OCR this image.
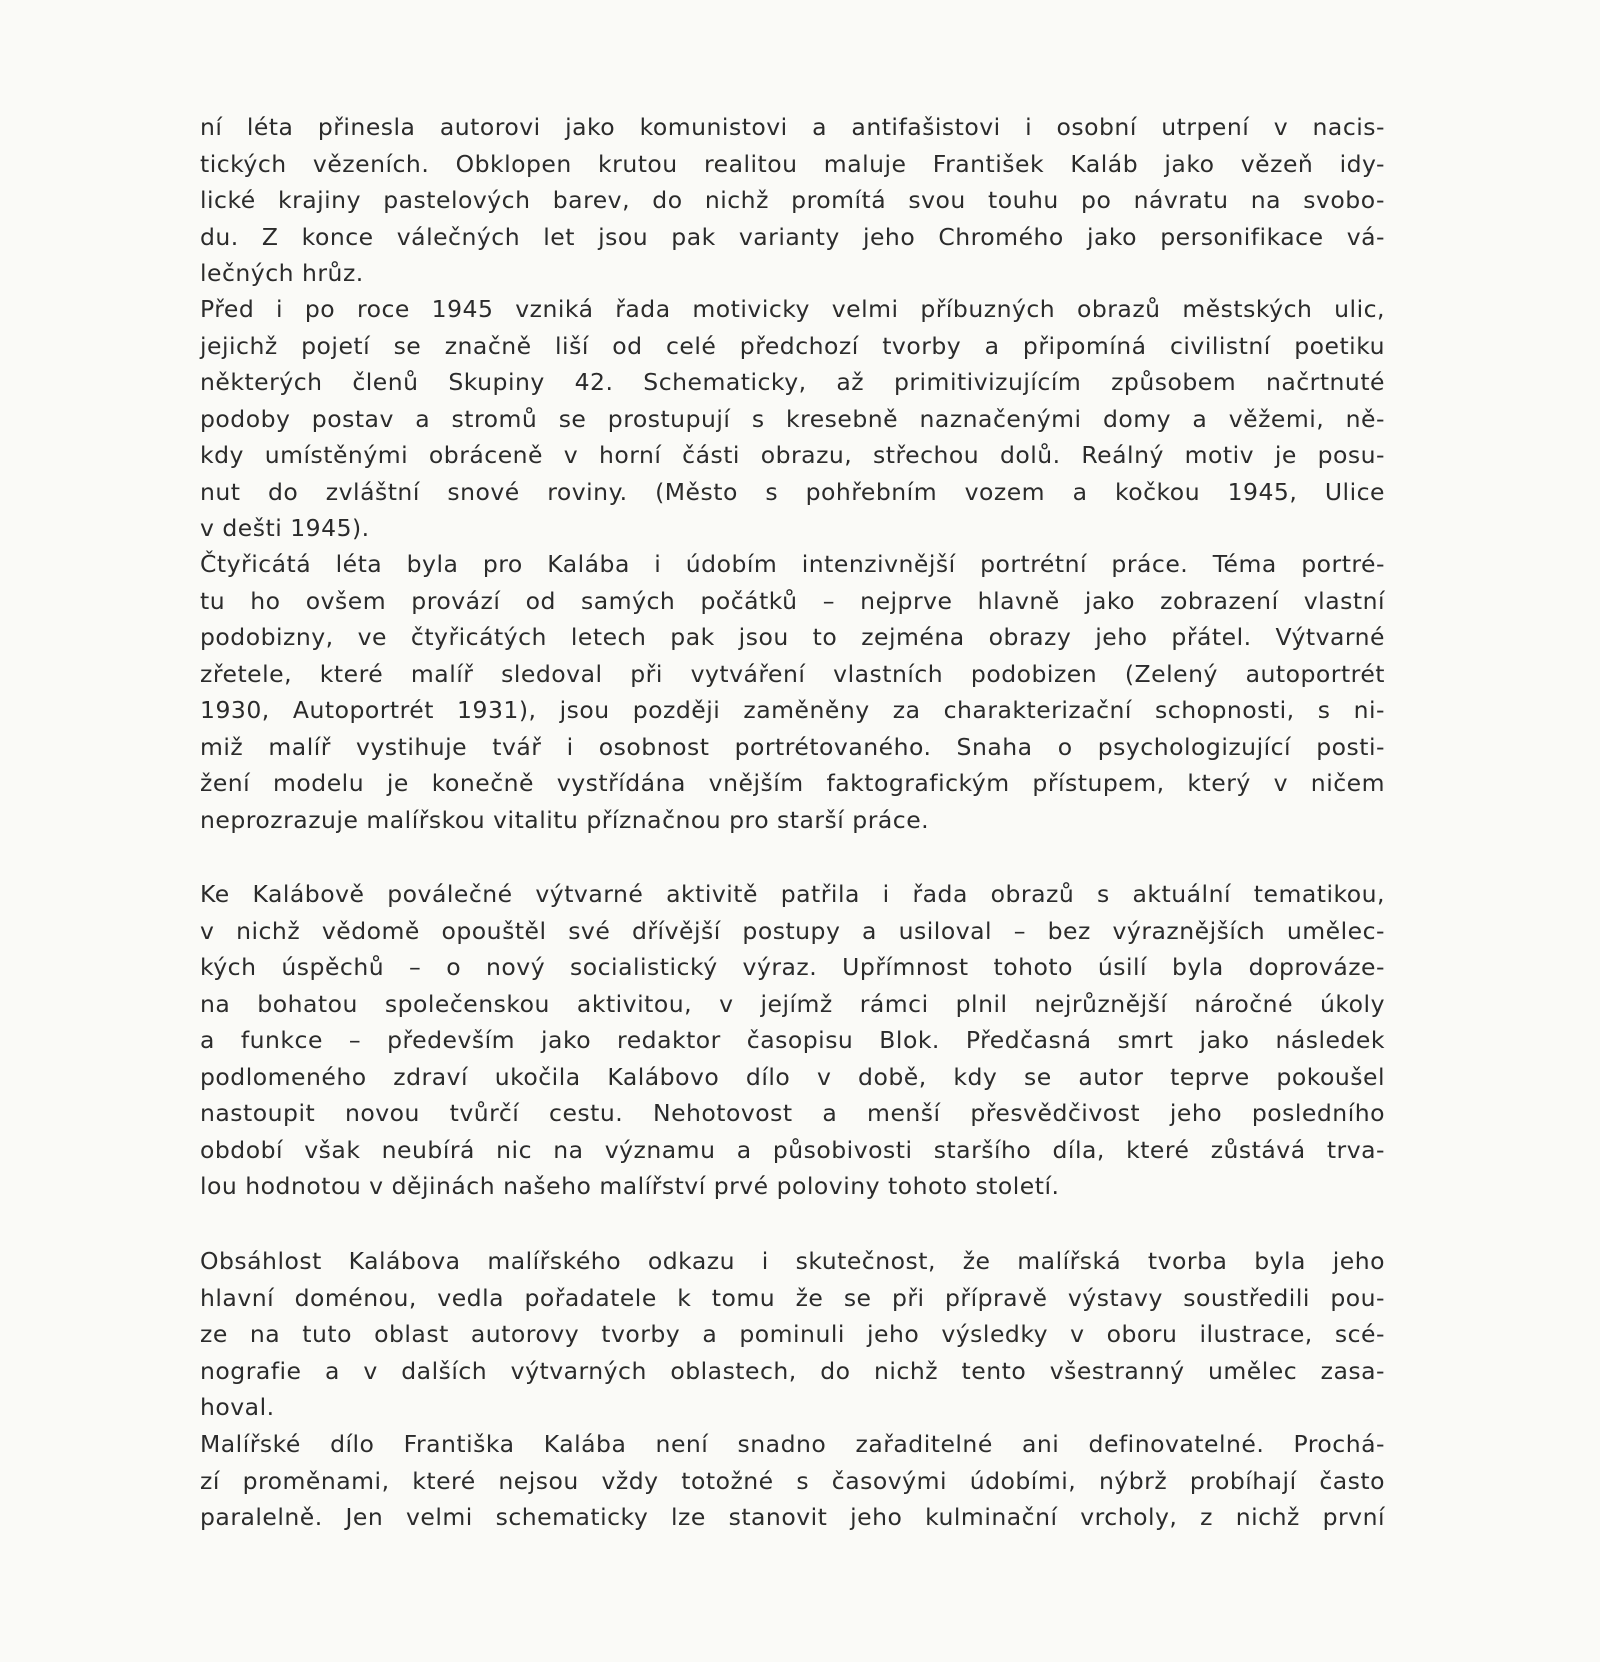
ní léta přinesla autorovi jako komunistovi a antifašistovi i osobní utrpení v nacis-
tických vězeních. Obklopen krutou realitou maluje František Kaláb jako vězeň idy-
lické krajiny pastelových barev, do nichž promítá svou touhu po návratu na svobo-
du. Z konce válečných let jsou pak varianty jeho Chromého jako personifikace vá-
lečných hrůz.
Před i po roce 1945 vzniká řada motivicky velmi příbuzných obrazů městských ulic,
jejichž pojetí se značně liší od celé předchozí tvorby a připomíná civilistní poetiku
některých členů Skupiny 42. Schematicky, až primitivizujícím způsobem načrtnuté
podoby postav a stromů se prostupují s kresebně naznačenými domy a věžemi, ně-
kdy umístěnými obráceně v horní části obrazu, střechou dolů. Reálný motiv je posu-
nut do zvláštní snové roviny. (Město s pohřebním vozem a kočkou 1945, Ulice
v dešti 1945).
Čtyřicátá léta byla pro Kalába i údobím intenzivnější portrétní práce. Téma portré-
tu ho ovšem provází od samých počátků – nejprve hlavně jako zobrazení vlastní
podobizny, ve čtyřicátých letech pak jsou to zejména obrazy jeho přátel. Výtvarné
zřetele, které malíř sledoval při vytváření vlastních podobizen (Zelený autoportrét
1930, Autoportrét 1931), jsou později zaměněny za charakterizační schopnosti, s ni-
miž malíř vystihuje tvář i osobnost portrétovaného. Snaha o psychologizující posti-
žení modelu je konečně vystřídána vnějším faktografickým přístupem, který v ničem
neprozrazuje malířskou vitalitu příznačnou pro starší práce.
Ke Kalábově poválečné výtvarné aktivitě patřila i řada obrazů s aktuální tematikou,
v nichž vědomě opouštěl své dřívější postupy a usiloval – bez výraznějších umělec-
kých úspěchů – o nový socialistický výraz. Upřímnost tohoto úsilí byla doprováze-
na bohatou společenskou aktivitou, v jejímž rámci plnil nejrůznější náročné úkoly
a funkce – především jako redaktor časopisu Blok. Předčasná smrt jako následek
podlomeného zdraví ukočila Kalábovo dílo v době, kdy se autor teprve pokoušel
nastoupit novou tvůrčí cestu. Nehotovost a menší přesvědčivost jeho posledního
období však neubírá nic na významu a působivosti staršího díla, které zůstává trva-
lou hodnotou v dějinách našeho malířství prvé poloviny tohoto století.
Obsáhlost Kalábova malířského odkazu i skutečnost, že malířská tvorba byla jeho
hlavní doménou, vedla pořadatele k tomu že se při přípravě výstavy soustředili pou-
ze na tuto oblast autorovy tvorby a pominuli jeho výsledky v oboru ilustrace, scé-
nografie a v dalších výtvarných oblastech, do nichž tento všestranný umělec zasa-
hoval.
Malířské dílo Františka Kalába není snadno zařaditelné ani definovatelné. Prochá-
zí proměnami, které nejsou vždy totožné s časovými údobími, nýbrž probíhají často
paralelně. Jen velmi schematicky lze stanovit jeho kulminační vrcholy, z nichž první
